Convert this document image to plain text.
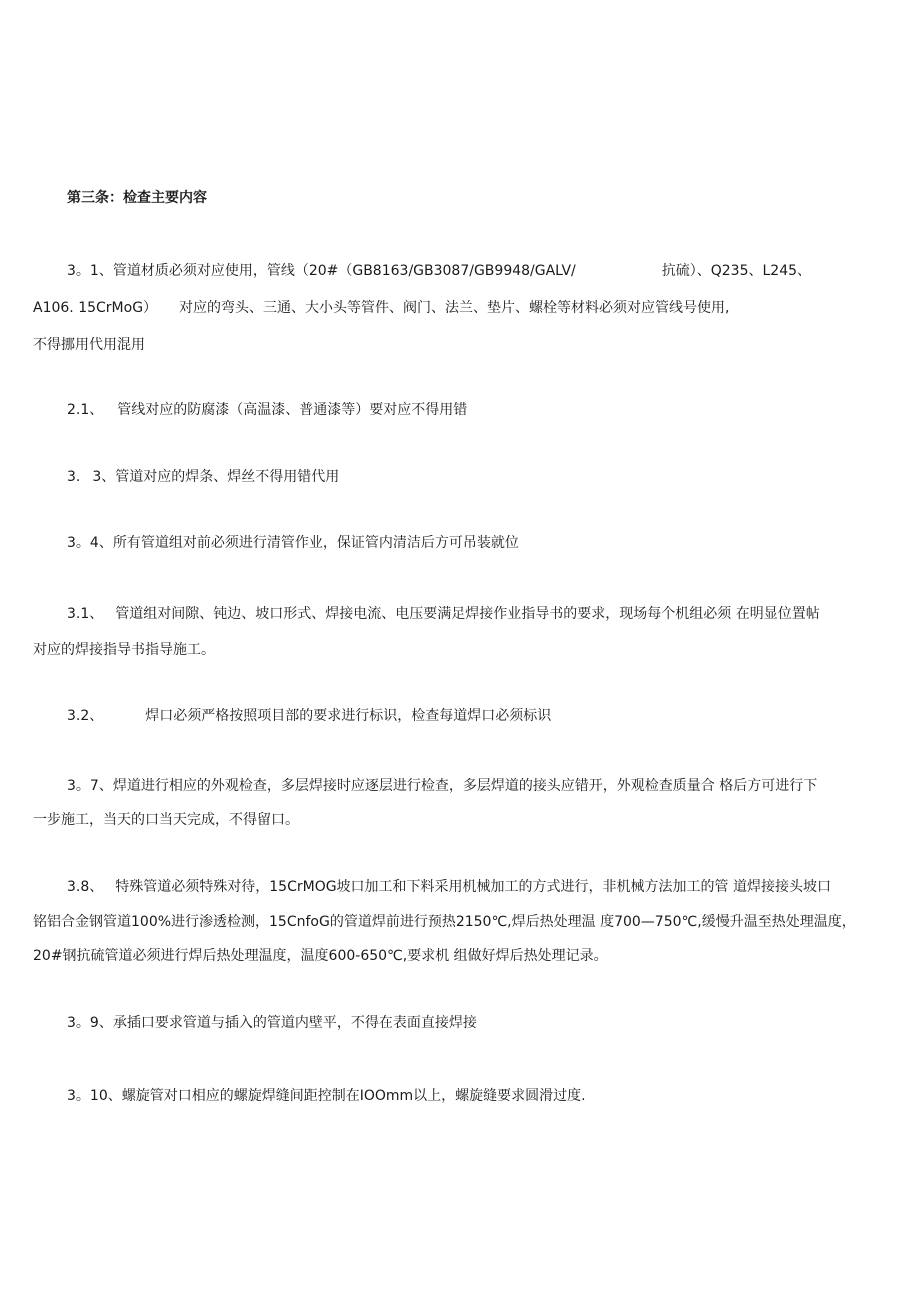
第三条：检查主要内容
3。1、管道材质必须对应使用，管线（20#（GB8163/GB3087/GB9948/GALV/	抗硫）、Q235、L245、
A106. 15CrMoG） 对应的弯头、三通、大小头等管件、阀门、法兰、垫片、螺栓等材料必须对应管线号使用,
不得挪用代用混用
2.1、 管线对应的防腐漆（高温漆、普通漆等）要对应不得用错
3. 3、管道对应的焊条、焊丝不得用错代用
3。4、所有管道组对前必须进行清管作业，保证管内清洁后方可吊装就位
3.1、 管道组对间隙、钝边、坡口形式、焊接电流、电压要满足焊接作业指导书的要求，现场每个机组必须 在明显位置帖
对应的焊接指导书指导施工。
3.2、	焊口必须严格按照项目部的要求进行标识，检查每道焊口必须标识
3。7、焊道进行相应的外观检查，多层焊接时应逐层进行检查，多层焊道的接头应错开，外观检查质量合 格后方可进行下
一步施工，当天的口当天完成，不得留口。
3.8、 特殊管道必须特殊对待，15CrMOG坡口加工和下料采用机械加工的方式进行，非机械方法加工的管 道焊接接头坡口
铭铝合金钢管道100%进行渗透检测，15CnfoG的管道焊前进行预热2150℃,焊后热处理温 度700—750℃,缓慢升温至热处理温度，
20#钢抗硫管道必须进行焊后热处理温度，温度600-650℃,要求机 组做好焊后热处理记录。
3。9、承插口要求管道与插入的管道内壁平，不得在表面直接焊接
3。10、螺旋管对口相应的螺旋焊缝间距控制在IOOmm以上，螺旋缝要求圆滑过度.
